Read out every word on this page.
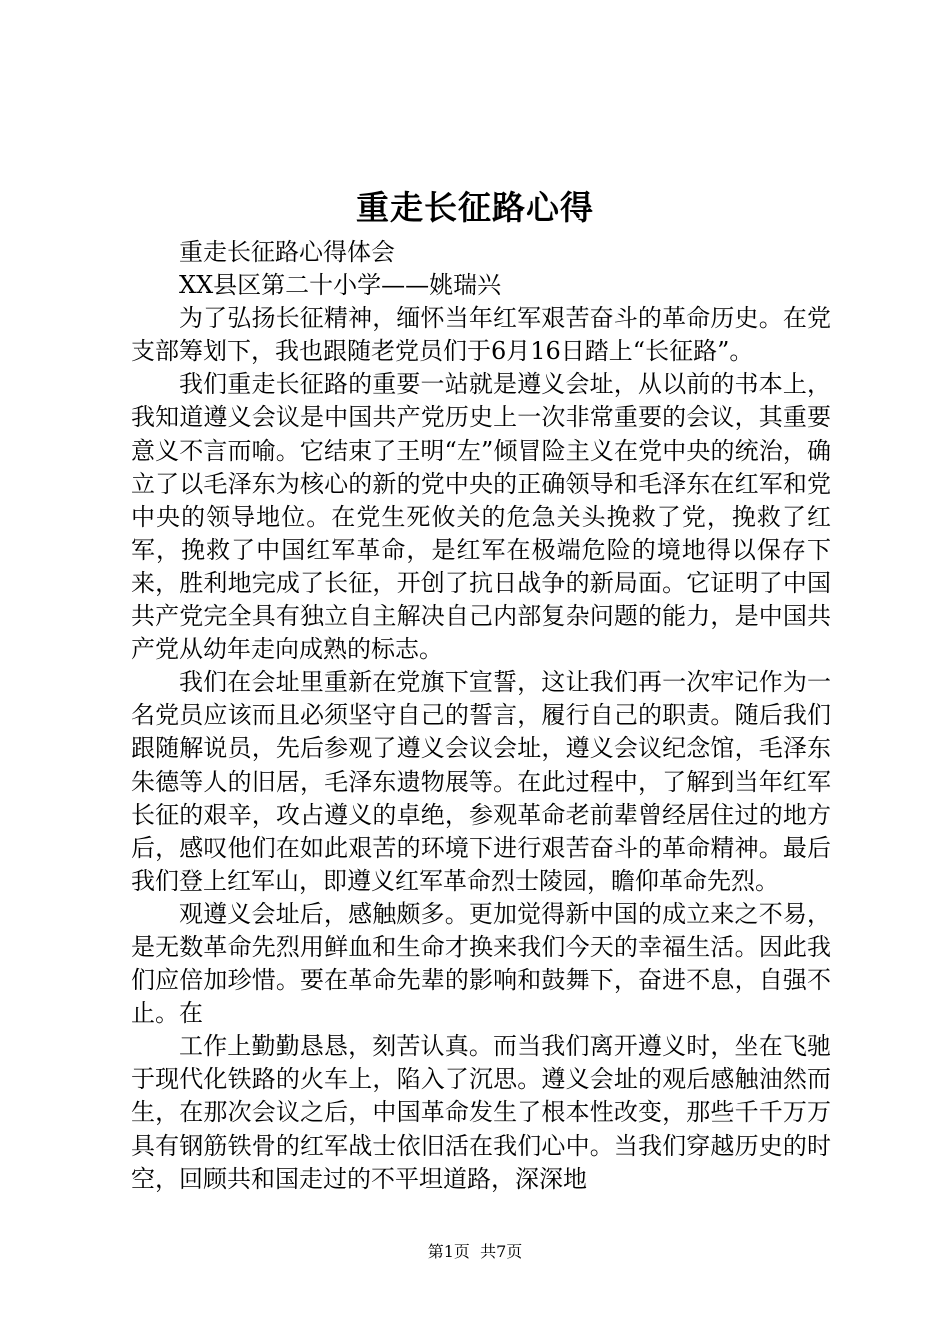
重走长征路心得

重走长征路心得体会

XX县区第二十小学——姚瑞兴

为了弘扬长征精神，缅怀当年红军艰苦奋斗的革命历史。在党支部筹划下，我也跟随老党员们于6月16日踏上“长征路”。

我们重走长征路的重要一站就是遵义会址，从以前的书本上，我知道遵义会议是中国共产党历史上一次非常重要的会议，其重要意义不言而喻。它结束了王明“左”倾冒险主义在党中央的统治，确立了以毛泽东为核心的新的党中央的正确领导和毛泽东在红军和党中央的领导地位。在党生死攸关的危急关头挽救了党，挽救了红军，挽救了中国红军革命，是红军在极端危险的境地得以保存下来，胜利地完成了长征，开创了抗日战争的新局面。它证明了中国共产党完全具有独立自主解决自己内部复杂问题的能力，是中国共产党从幼年走向成熟的标志。

我们在会址里重新在党旗下宣誓，这让我们再一次牢记作为一名党员应该而且必须坚守自己的誓言，履行自己的职责。随后我们跟随解说员，先后参观了遵义会议会址，遵义会议纪念馆，毛泽东朱德等人的旧居，毛泽东遗物展等。在此过程中，了解到当年红军长征的艰辛，攻占遵义的卓绝，参观革命老前辈曾经居住过的地方后，感叹他们在如此艰苦的环境下进行艰苦奋斗的革命精神。最后我们登上红军山，即遵义红军革命烈士陵园，瞻仰革命先烈。

观遵义会址后，感触颇多。更加觉得新中国的成立来之不易，是无数革命先烈用鲜血和生命才换来我们今天的幸福生活。因此我们应倍加珍惜。要在革命先辈的影响和鼓舞下，奋进不息，自强不止。在

工作上勤勤恳恳，刻苦认真。而当我们离开遵义时，坐在飞驰于现代化铁路的火车上，陷入了沉思。遵义会址的观后感触油然而生，在那次会议之后，中国革命发生了根本性改变，那些千千万万具有钢筋铁骨的红军战士依旧活在我们心中。当我们穿越历史的时空，回顾共和国走过的不平坦道路，深深地

第1页  共7页
